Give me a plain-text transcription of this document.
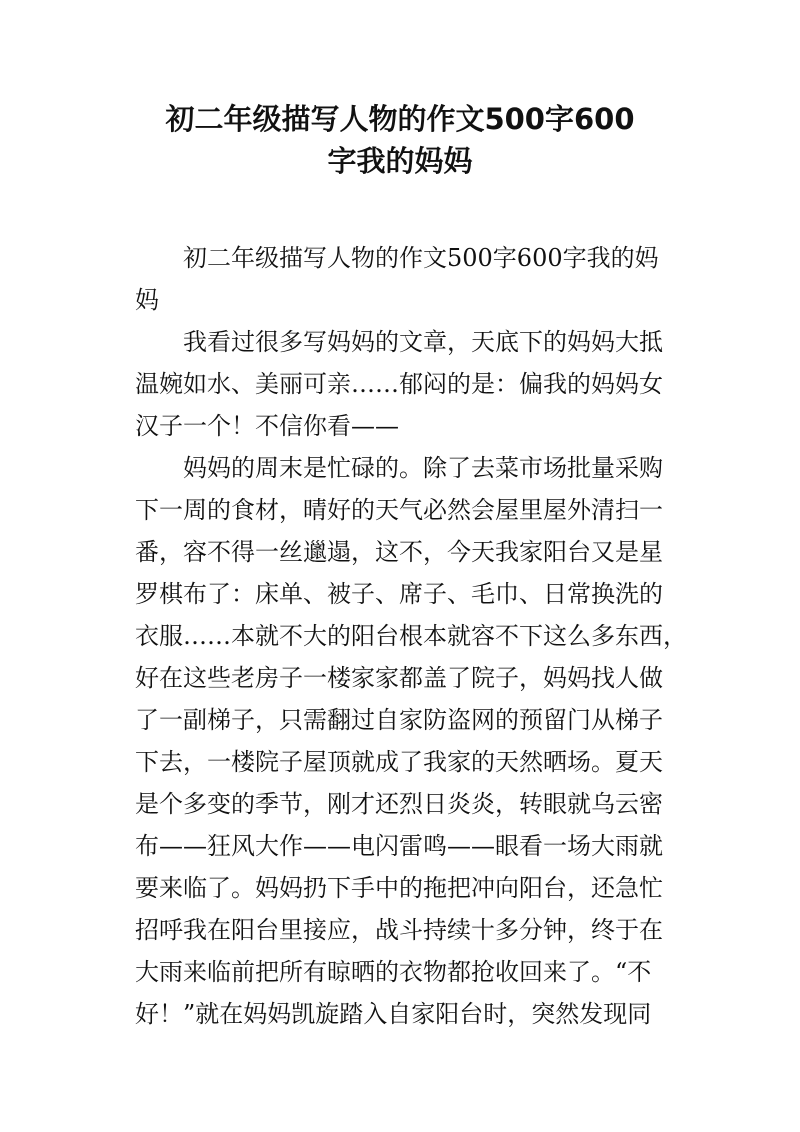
初二年级描写人物的作文500字600
字我的妈妈
初二年级描写人物的作文500字600字我的妈
妈
我看过很多写妈妈的文章，天底下的妈妈大抵
温婉如水、美丽可亲……郁闷的是：偏我的妈妈女
汉子一个！不信你看——
妈妈的周末是忙碌的。除了去菜市场批量采购
下一周的食材，晴好的天气必然会屋里屋外清扫一
番，容不得一丝邋遢，这不，今天我家阳台又是星
罗棋布了：床单、被子、席子、毛巾、日常换洗的
衣服……本就不大的阳台根本就容不下这么多东西，
好在这些老房子一楼家家都盖了院子，妈妈找人做
了一副梯子，只需翻过自家防盗网的预留门从梯子
下去，一楼院子屋顶就成了我家的天然晒场。夏天
是个多变的季节，刚才还烈日炎炎，转眼就乌云密
布——狂风大作——电闪雷鸣——眼看一场大雨就
要来临了。妈妈扔下手中的拖把冲向阳台，还急忙
招呼我在阳台里接应，战斗持续十多分钟，终于在
大雨来临前把所有晾晒的衣物都抢收回来了。“不
好！”就在妈妈凯旋踏入自家阳台时，突然发现同
